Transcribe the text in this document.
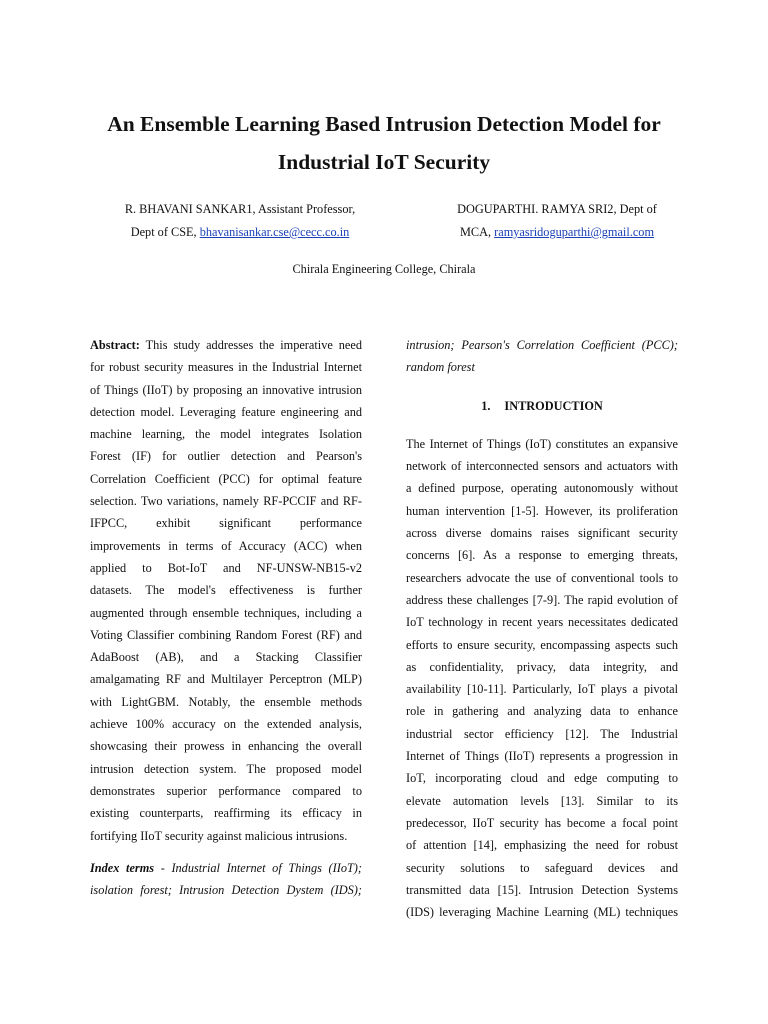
An Ensemble Learning Based Intrusion Detection Model for
Industrial IoT Security
R. BHAVANI SANKAR1, Assistant Professor,
Dept of CSE, bhavanisankar.cse@cecc.co.in
DOGUPARTHI. RAMYA SRI2, Dept of
MCA, ramyasridoguparthi@gmail.com
Chirala Engineering College, Chirala
Abstract: This study addresses the imperative need
for robust security measures in the Industrial Internet
of Things (IIoT) by proposing an innovative intrusion
detection model. Leveraging feature engineering and
machine learning, the model integrates Isolation
Forest (IF) for outlier detection and Pearson's
Correlation Coefficient (PCC) for optimal feature
selection. Two variations, namely RF-PCCIF and RF-
IFPCC, exhibit significant performance
improvements in terms of Accuracy (ACC) when
applied to Bot-IoT and NF-UNSW-NB15-v2
datasets. The model's effectiveness is further
augmented through ensemble techniques, including a
Voting Classifier combining Random Forest (RF) and
AdaBoost (AB), and a Stacking Classifier
amalgamating RF and Multilayer Perceptron (MLP)
with LightGBM. Notably, the ensemble methods
achieve 100% accuracy on the extended analysis,
showcasing their prowess in enhancing the overall
intrusion detection system. The proposed model
demonstrates superior performance compared to
existing counterparts, reaffirming its efficacy in
fortifying IIoT security against malicious intrusions.
Index terms - Industrial Internet of Things (IIoT);
isolation forest; Intrusion Detection Dystem (IDS);
intrusion; Pearson's Correlation Coefficient (PCC);
random forest
1. INTRODUCTION
The Internet of Things (IoT) constitutes an expansive
network of interconnected sensors and actuators with
a defined purpose, operating autonomously without
human intervention [1-5]. However, its proliferation
across diverse domains raises significant security
concerns [6]. As a response to emerging threats,
researchers advocate the use of conventional tools to
address these challenges [7-9]. The rapid evolution of
IoT technology in recent years necessitates dedicated
efforts to ensure security, encompassing aspects such
as confidentiality, privacy, data integrity, and
availability [10-11]. Particularly, IoT plays a pivotal
role in gathering and analyzing data to enhance
industrial sector efficiency [12]. The Industrial
Internet of Things (IIoT) represents a progression in
IoT, incorporating cloud and edge computing to
elevate automation levels [13]. Similar to its
predecessor, IIoT security has become a focal point
of attention [14], emphasizing the need for robust
security solutions to safeguard devices and
transmitted data [15]. Intrusion Detection Systems
(IDS) leveraging Machine Learning (ML) techniques
